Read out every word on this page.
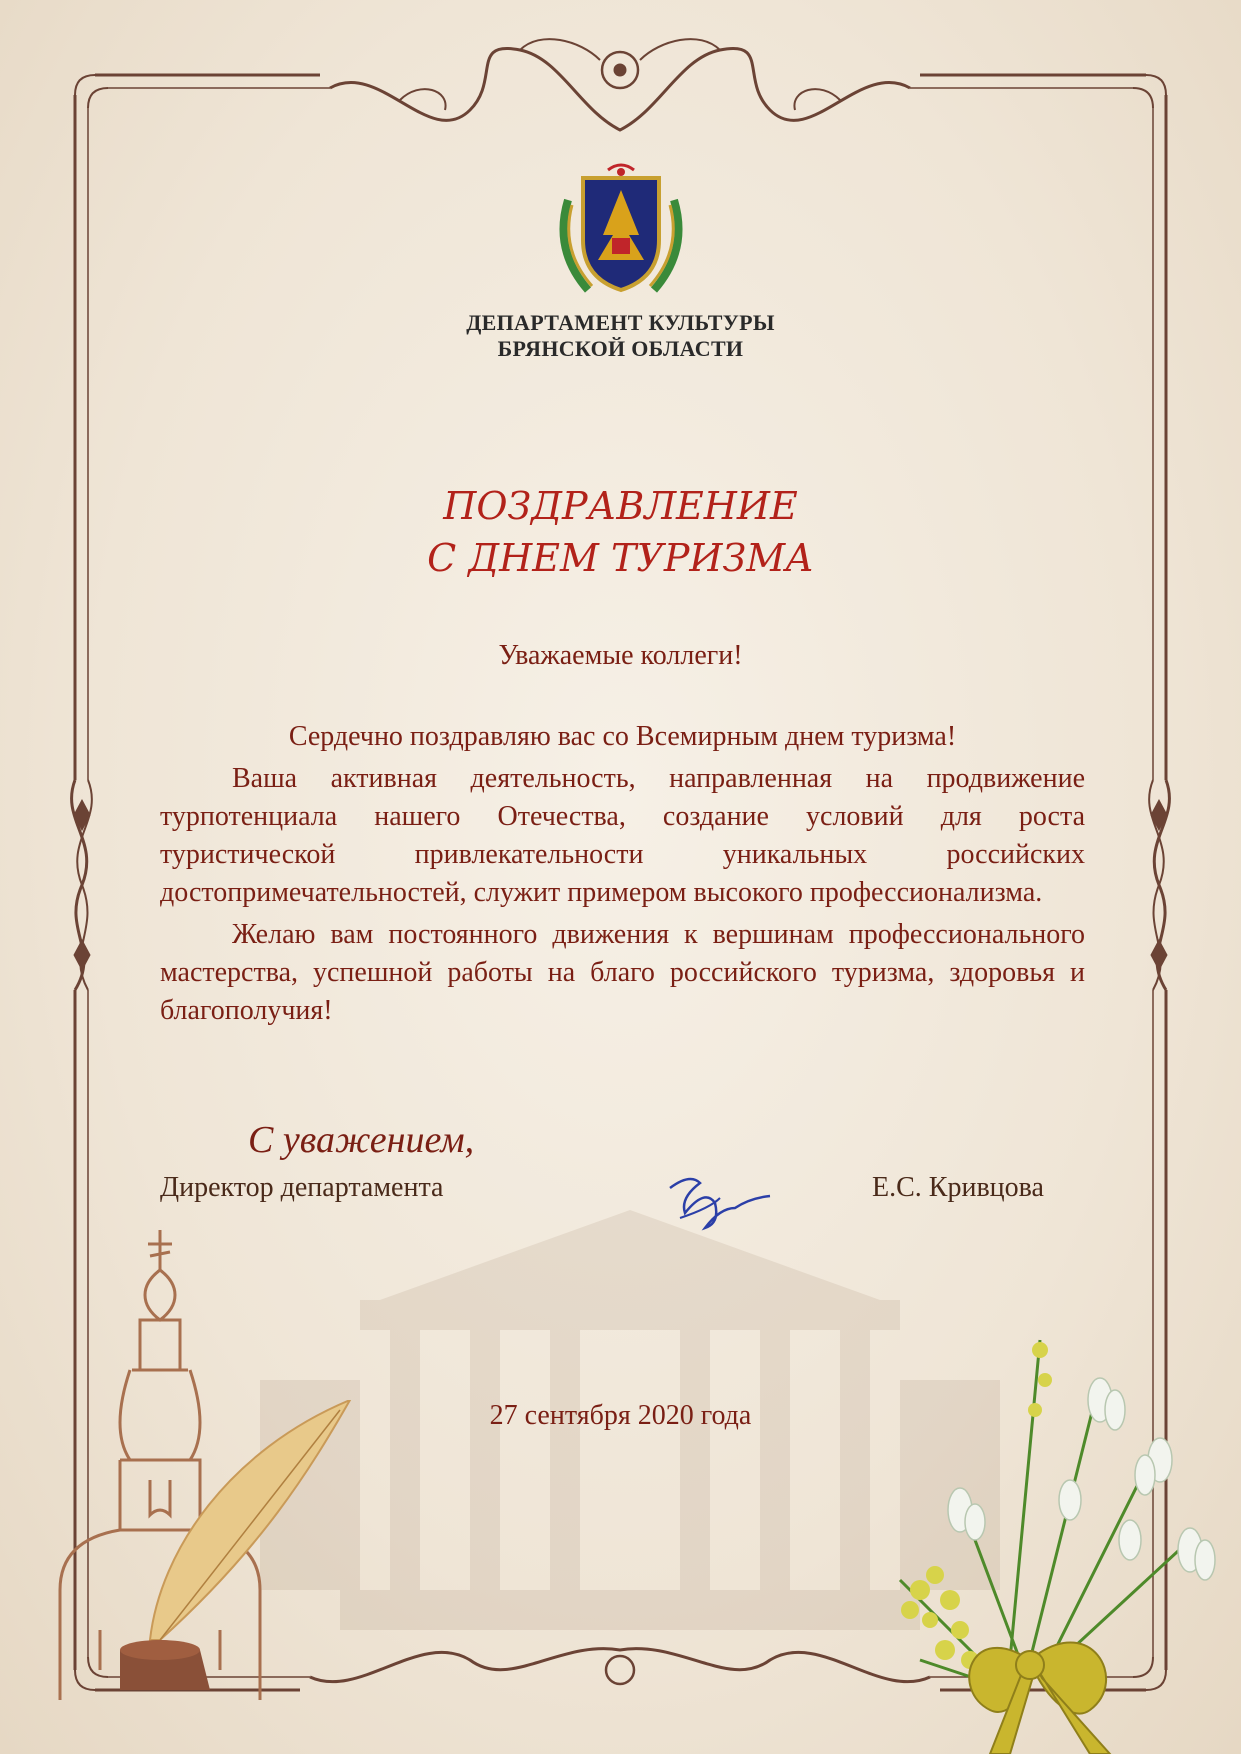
ДЕПАРТАМЕНТ КУЛЬТУРЫ
БРЯНСКОЙ ОБЛАСТИ
ПОЗДРАВЛЕНИЕ
С ДНЕМ ТУРИЗМА
Уважаемые коллеги!

Сердечно поздравляю вас со Всемирным днем туризма!

Ваша активная деятельность, направленная на продвижение турпотенциала нашего Отечества, создание условий для роста туристической привлекательности уникальных российских достопримечательностей, служит примером высокого профессионализма.

Желаю вам постоянного движения к вершинам профессионального мастерства, успешной работы на благо российского туризма, здоровья и благополучия!

С уважением,
Директор департамента	Е.С. Кривцова
27 сентября 2020 года
